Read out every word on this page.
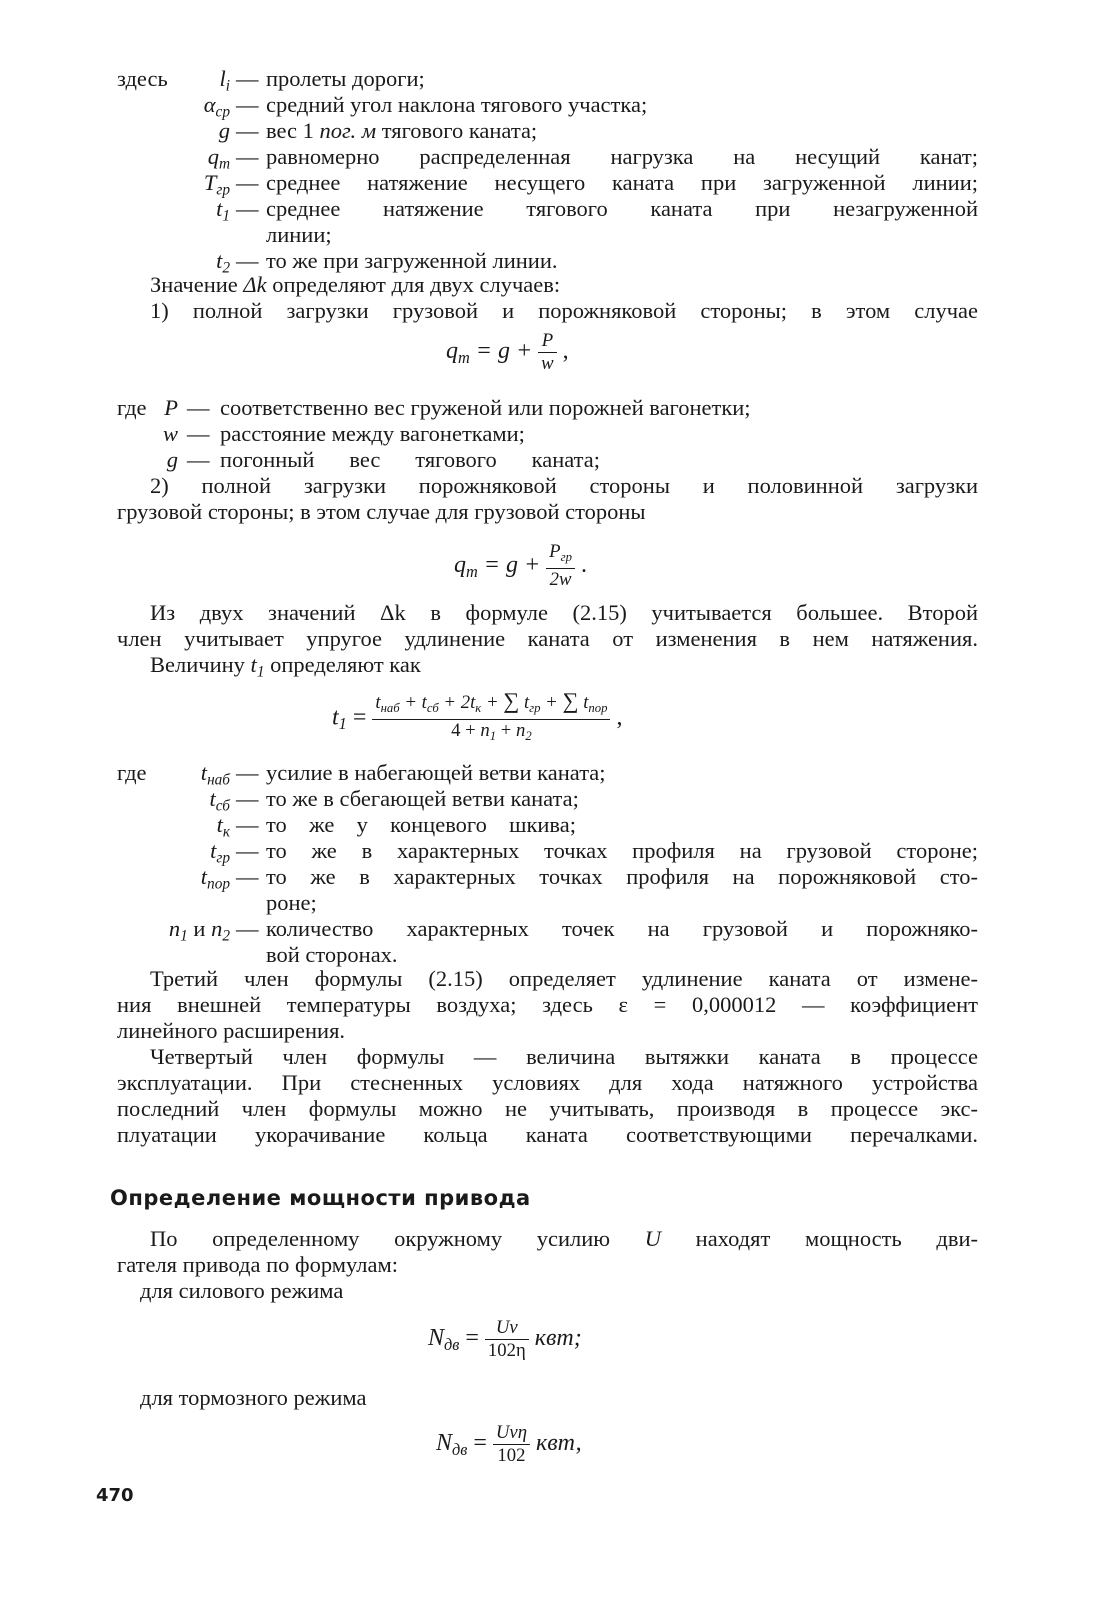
здесь $l_i$ — пролеты дороги;
$\alpha_{ср}$ — средний угол наклона тягового участка;
g — вес 1 пог. м тягового каната;
$q_m$ — равномерно распределенная нагрузка на несущий канат;
$T_{гр}$ — среднее натяжение несущего каната при загруженной линии;
$t_1$ — среднее натяжение тягового каната при незагруженной
линии;
$t_2$ — то же при загруженной линии.
Значение Δk определяют для двух случаев:
1) полной загрузки грузовой и порожняковой стороны; в этом случае
$q_m = g + \frac{P}{w}$ ,
где P — соответственно вес груженой или порожней вагонетки;
w — расстояние между вагонетками;
g — погонный вес тягового каната;
2) полной загрузки порожняковой стороны и половинной загрузки
грузовой стороны; в этом случае для грузовой стороны
$q_m = g + \frac{P_{гр}}{2w}$ .
Из двух значений Δk в формуле (2.15) учитывается большее. Второй
член учитывает упругое удлинение каната от изменения в нем натяжения.
Величину $t_1$ определяют как
$t_1$ =
$t_{наб} + t_{сб} + 2t_к$ + ∑ $t_{гр}$ + ∑ $t_{пор}$
$4 + n_1 + n_2$
,
где $t_{наб}$ — усилие в набегающей ветви каната;
$t_{сб}$ — то же в сбегающей ветви каната;
$t_к$ — то же у концевого шкива;
$t_{гр}$ — то же в характерных точках профиля на грузовой стороне;
$t_{пор}$ — то же в характерных точках профиля на порожняковой сто-
роне;
$n_1$ и $n_2$ — количество характерных точек на грузовой и порожняко-
вой сторонах.
Третий член формулы (2.15) определяет удлинение каната от измене-
ния внешней температуры воздуха; здесь ε = 0,000012 — коэффициент
линейного расширения.
Четвертый член формулы — величина вытяжки каната в процессе
эксплуатации. При стесненных условиях для хода натяжного устройства
последний член формулы можно не учитывать, производя в процессе экс-
плуатации укорачивание кольца каната соответствующими перечалками.
Определение мощности привода
По определенному окружному усилию U находят мощность дви-
гателя привода по формулам:
для силового режима
$N_{дв} = \frac{Uv}{102\eta}$ квт;
для тормозного режима
$N_{дв} = \frac{\text{Uvη}}{102}$ квт,
470
